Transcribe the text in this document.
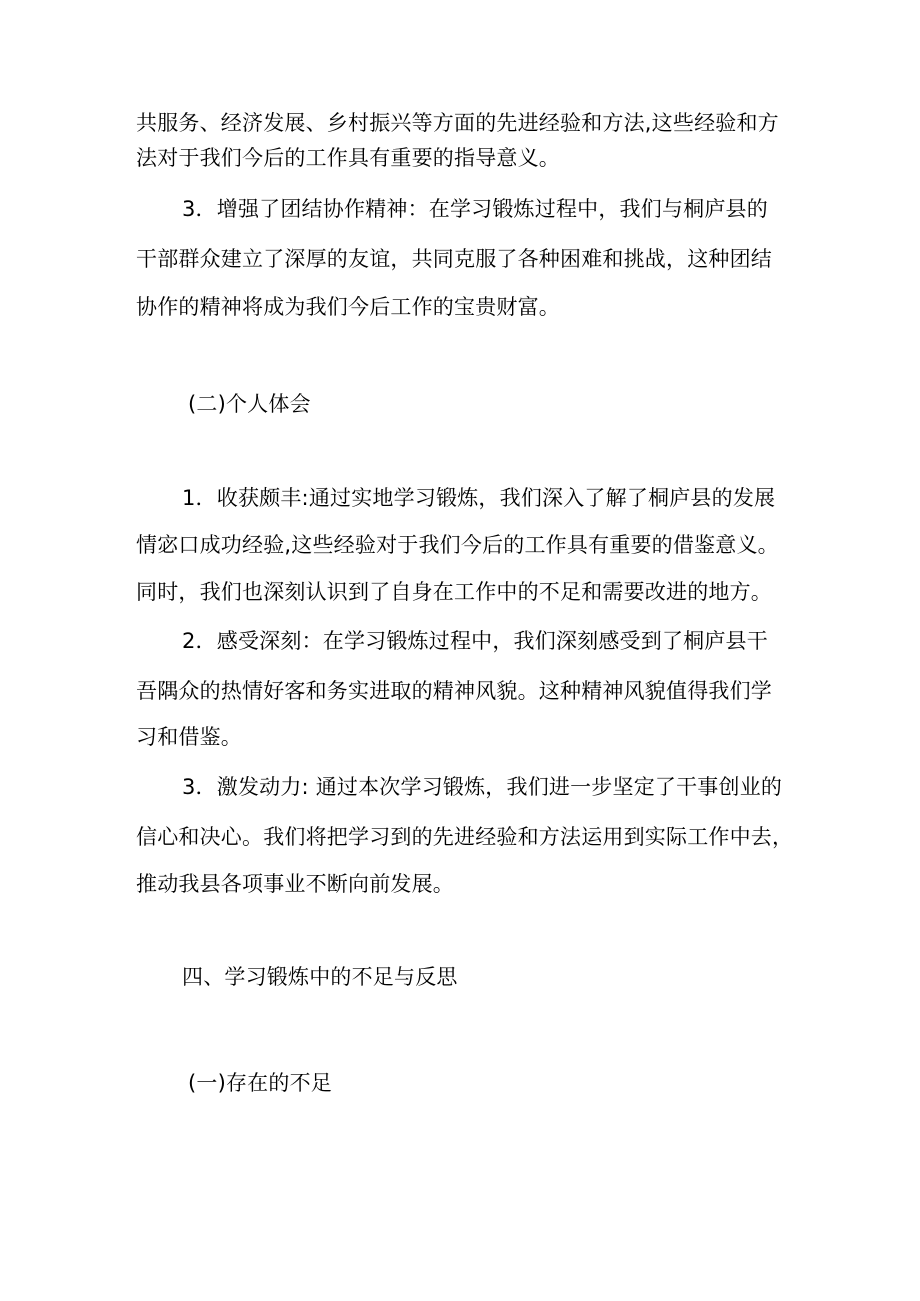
共服务、经济发展、乡村振兴等方面的先进经验和方法,这些经验和方
法对于我们今后的工作具有重要的指导意义。
3．增强了团结协作精神：在学习锻炼过程中，我们与桐庐县的
干部群众建立了深厚的友谊，共同克服了各种困难和挑战，这种团结
协作的精神将成为我们今后工作的宝贵财富。
(二)个人体会
1．收获颇丰:通过实地学习锻炼，我们深入了解了桐庐县的发展
情宓口成功经验,这些经验对于我们今后的工作具有重要的借鉴意义。
同时，我们也深刻认识到了自身在工作中的不足和需要改进的地方。
2．感受深刻：在学习锻炼过程中，我们深刻感受到了桐庐县干
吾隅众的热情好客和务实进取的精神风貌。这种精神风貌值得我们学
习和借鉴。
3．激发动力: 通过本次学习锻炼，我们进一步坚定了干事创业的
信心和决心。我们将把学习到的先进经验和方法运用到实际工作中去，
推动我县各项事业不断向前发展。
四、学习锻炼中的不足与反思
(一)存在的不足
